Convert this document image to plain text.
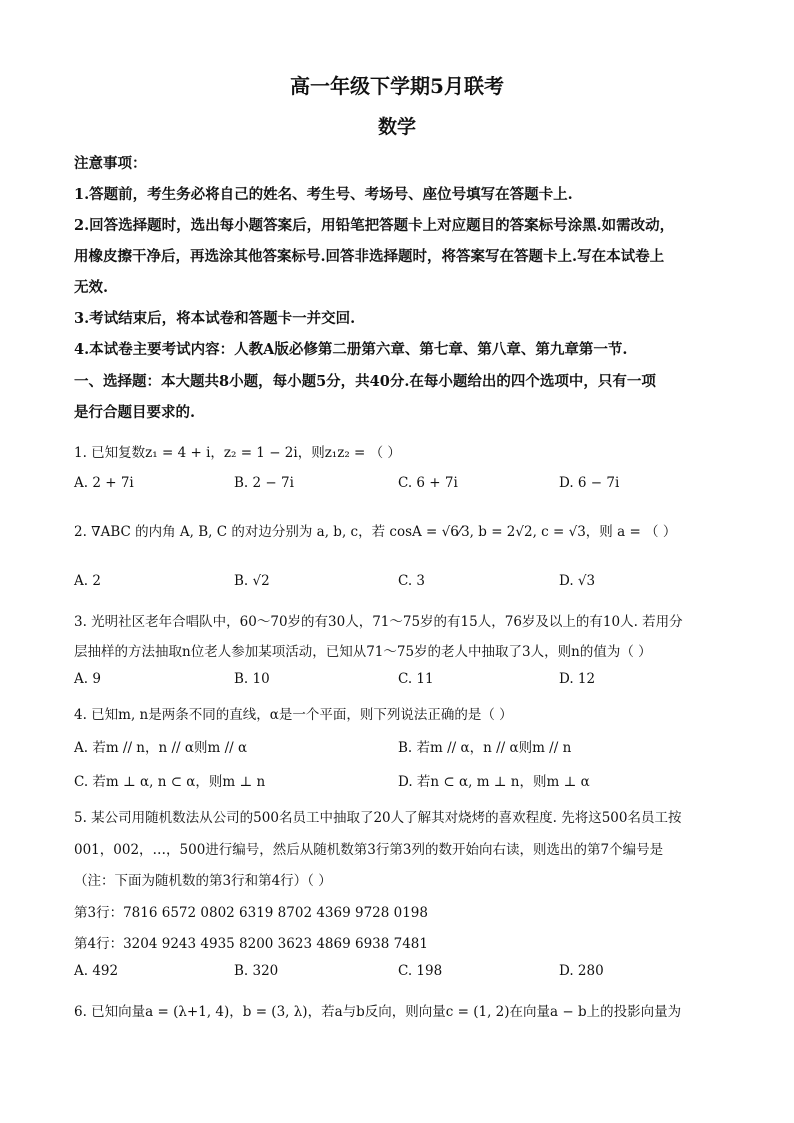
高一年级下学期5月联考
数学
注意事项：
1.答题前，考生务必将自己的姓名、考生号、考场号、座位号填写在答题卡上.
2.回答选择题时，选出每小题答案后，用铅笔把答题卡上对应题目的答案标号涂黑.如需改动，
用橡皮擦干净后，再选涂其他答案标号.回答非选择题时，将答案写在答题卡上.写在本试卷上
无效.
3.考试结束后，将本试卷和答题卡一并交回.
4.本试卷主要考试内容：人教A版必修第二册第六章、第七章、第八章、第九章第一节.
一、选择题：本大题共8小题，每小题5分，共40分.在每小题给出的四个选项中，只有一项
是行合题目要求的.
1. 已知复数z₁ = 4 + i，z₂ = 1 − 2i，则z₁z₂ = （ ）
A. 2 + 7i	B. 2 − 7i	C. 6 + 7i	D. 6 − 7i
2. ∇ABC 的内角 A, B, C 的对边分别为 a, b, c，若 cosA = √6⁄3, b = 2√2, c = √3，则 a = （ ）
A. 2	B. √2	C. 3	D. √3
3. 光明社区老年合唱队中，60～70岁的有30人，71～75岁的有15人，76岁及以上的有10人. 若用分
层抽样的方法抽取n位老人参加某项活动，已知从71～75岁的老人中抽取了3人，则n的值为（ ）
A. 9	B. 10	C. 11	D. 12
4. 已知m, n是两条不同的直线，α是一个平面，则下列说法正确的是（ ）
A. 若m // n，n // α则m // α	B. 若m // α，n // α则m // n
C. 若m ⊥ α, n ⊂ α，则m ⊥ n	D. 若n ⊂ α, m ⊥ n，则m ⊥ α
5. 某公司用随机数法从公司的500名员工中抽取了20人了解其对烧烤的喜欢程度. 先将这500名员工按
001，002，…，500进行编号，然后从随机数第3行第3列的数开始向右读，则选出的第7个编号是
（注：下面为随机数的第3行和第4行）（ ）
第3行：7816 6572 0802 6319 8702 4369 9728 0198
第4行：3204 9243 4935 8200 3623 4869 6938 7481
A. 492	B. 320	C. 198	D. 280
6. 已知向量a = (λ+1, 4)，b = (3, λ)，若a与b反向，则向量c = (1, 2)在向量a − b上的投影向量为
